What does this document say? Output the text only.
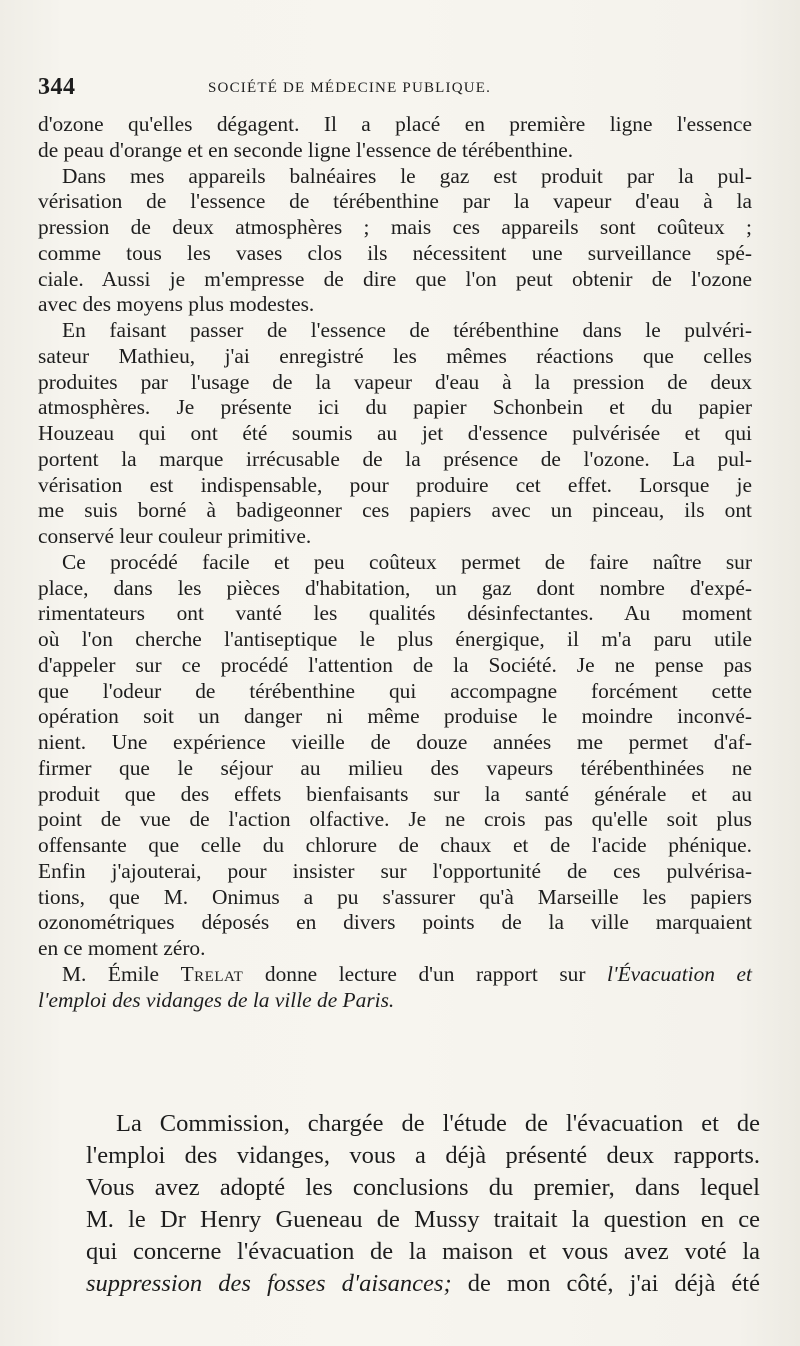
344	SOCIÉTÉ DE MÉDECINE PUBLIQUE.

d'ozone qu'elles dégagent. Il a placé en première ligne l'essence
de peau d'orange et en seconde ligne l'essence de térébenthine.

Dans mes appareils balnéaires le gaz est produit par la pul-

vérisation de l'essence de térébenthine par la vapeur d'eau à la
pression de deux atmosphères ; mais ces appareils sont coûteux ;
comme tous les vases clos ils nécessitent une surveillance spé-
ciale. Aussi je m'empresse de dire que l'on peut obtenir de l'ozone
avec des moyens plus modestes.

En faisant passer de l'essence de térébenthine dans le pulvéri-

sateur Mathieu, j'ai enregistré les mêmes réactions que celles
produites par l'usage de la vapeur d'eau à la pression de deux
atmosphères. Je présente ici du papier Schonbein et du papier
Houzeau qui ont été soumis au jet d'essence pulvérisée et qui
portent la marque irrécusable de la présence de l'ozone. La pul-
vérisation est indispensable, pour produire cet effet. Lorsque je
me suis borné à badigeonner ces papiers avec un pinceau, ils ont
conservé leur couleur primitive.

Ce procédé facile et peu coûteux permet de faire naître sur

place, dans les pièces d'habitation, un gaz dont nombre d'expé-
rimentateurs ont vanté les qualités désinfectantes. Au moment
où l'on cherche l'antiseptique le plus énergique, il m'a paru utile
d'appeler sur ce procédé l'attention de la Société. Je ne pense pas
que l'odeur de térébenthine qui accompagne forcément cette
opération soit un danger ni même produise le moindre inconvé-
nient. Une expérience vieille de douze années me permet d'af-
firmer que le séjour au milieu des vapeurs térébenthinées ne
produit que des effets bienfaisants sur la santé générale et au
point de vue de l'action olfactive. Je ne crois pas qu'elle soit plus
offensante que celle du chlorure de chaux et de l'acide phénique.
Enfin j'ajouterai, pour insister sur l'opportunité de ces pulvérisa-
tions, que M. Onimus a pu s'assurer qu'à Marseille les papiers
ozonométriques déposés en divers points de la ville marquaient
en ce moment zéro.

M. Émile Trelat donne lecture d'un rapport sur l'Évacuation et

l'emploi des vidanges de la ville de Paris.

La Commission, chargée de l'étude de l'évacuation et de

l'emploi des vidanges, vous a déjà présenté deux rapports.
Vous avez adopté les conclusions du premier, dans lequel
M. le Dr Henry Gueneau de Mussy traitait la question en ce
qui concerne l'évacuation de la maison et vous avez voté la
suppression des fosses d'aisances; de mon côté, j'ai déjà été
